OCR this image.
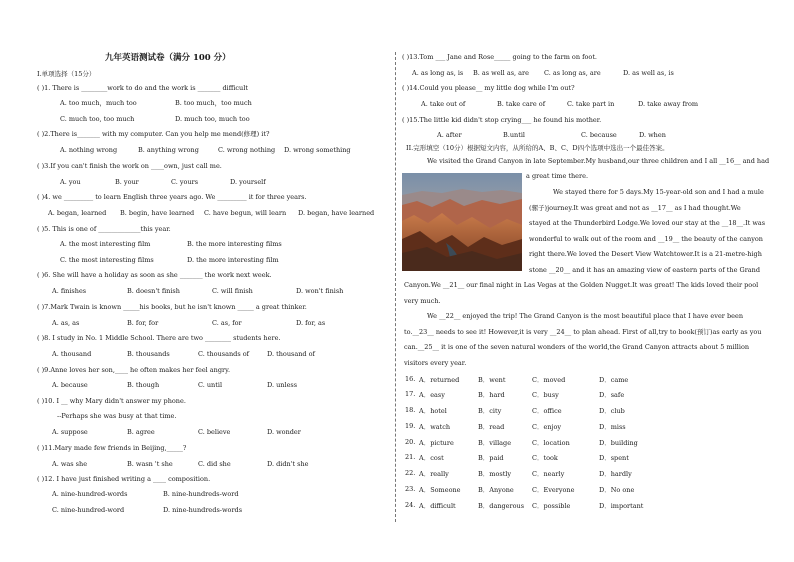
九年英语测试卷（满分 100 分）
I.单项选择（15分）
( )1. There is ________work to do and the work is _______ difficult
A. too much，much too	B. too much，too much
C. much too, too much	D. much too, much too
( )2.There is_______ with my computer. Can you help me mend(修理) it?
A. nothing wrong	B. anything wrong	C. wrong nothing D. wrong something
( )3.If you can't finish the work on ____own, just call me.
A. you	B. your	C. yours	D. yourself
( )4. we _________ to learn English three years ago. We _________ it for three years.
A. began, learned B. begin, have learned C. have begun, will learn D. began, have learned
( )5. This is one of _____________this year.
A. the most interesting film	B. the more interesting films
C. the most interesting films	D. the more interesting film
( )6. She will have a holiday as soon as she _______ the work next week.
A. finishes	B. doesn't finish	C. will finish	D. won't finish
( )7.Mark Twain is known _____his books, but he isn't known _____ a great thinker.
A. as, as	B. for, for	C. as, for	D. for, as
( )8. I study in No. 1 Middle School. There are two ________ students here.
A. thousand	B. thousands	C. thousands of	D. thousand of
( )9.Anne loves her son,____ he often makes her feel angry.
A. because	B. though	C. until	D. unless
( )10. I __ why Mary didn't answer my phone.
--Perhaps she was busy at that time.
A. suppose	B. agree	C. believe	D. wonder
( )11.Mary made few friends in Beijing,_____?
A. was she	B. wasn 't she	C. did she	D. didn't she
( )12. I have just finished writing a ____ composition.
A. nine-hundred-words	B. nine-hundreds-word
C. nine-hundred-word	D. nine-hundreds-words
( )13.Tom ___ Jane and Rose_____ going to the farm on foot.
A. as long as, is B. as well as, are C. as long as, are	D. as well as, is
( )14.Could you please__ my little dog while I'm out?
A. take out of	B. take care of	C. take part in	D. take away from
( )15.The little kid didn't stop crying___ he found his mother.
A. after	B.until	C. because	D. when
II.完形填空（10分）根据短文内容，从所给的A、B、C、D四个选项中选出一个最佳答案。
We visited the Grand Canyon in late September.My husband,our three children and I all __16__ and had
a great time there.
We stayed there for 5 days.My 15-year-old son and I had a mule
(骡子)journey.It was great and not as __17__ as I had thought.We
stayed at the Thunderbird Lodge.We loved our stay at the __18__.It was
wonderful to walk out of the room and __19__ the beauty of the canyon
right there.We loved the Desert View Watchtower.It is a 21-metre-high
stone __20__ and it has an amazing view of eastern parts of the Grand
Canyon.We __21__ our final night in Las Vegas at the Golden Nugget.It was great! The kids loved their pool
very much.
We __22__ enjoyed the trip! The Grand Canyon is the most beautiful place that I have ever been
to.__23__ needs to see it! However,it is very __24__ to plan ahead. First of all,try to book(预订)as early as you
can.__25__ it is one of the seven natural wonders of the world,the Grand Canyon attracts about 5 million
visitors every year.
16. A．returned	B．went	C．moved	D．came
17. A．easy	B．hard	C．busy	D．safe
18. A．hotel	B．city	C．office	D．club
19. A．watch	B．read	C．enjoy	D．miss
20. A．picture	B．village	C．location	D．building
21. A．cost	B．paid	C．took	D．spent
22. A．really	B．mostly	C．nearly	D．hardly
23. A．Someone	B．Anyone	C．Everyone	D．No one
24. A．difficult	B．dangerous C．possible	D．important
